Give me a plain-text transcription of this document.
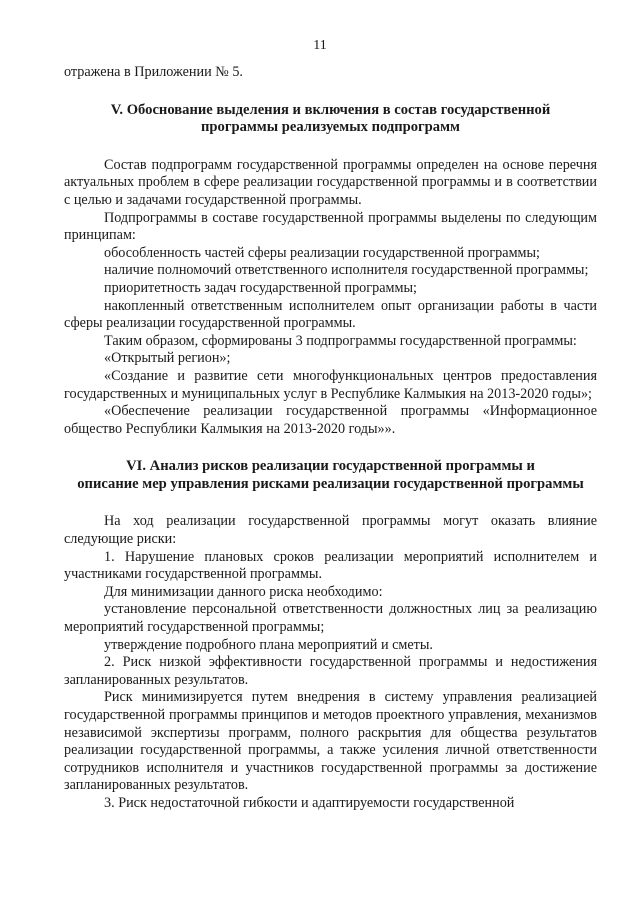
11

отражена в Приложении № 5.

V. Обоснование выделения и включения в состав государственной

программы реализуемых подпрограмм

Состав подпрограмм государственной программы определен на основе перечня актуальных проблем в сфере реализации государственной программы и в соответствии с целью и задачами государственной программы.

Подпрограммы в составе государственной программы выделены по следующим принципам:

обособленность частей сферы реализации государственной программы;

наличие полномочий ответственного исполнителя государственной программы;

приоритетность задач государственной программы;

накопленный ответственным исполнителем опыт организации работы в части сферы реализации государственной программы.

Таким образом, сформированы 3 подпрограммы государственной программы:

«Открытый регион»;

«Создание и развитие сети многофункциональных центров предоставления государственных и муниципальных услуг в Республике Калмыкия на 2013-2020 годы»;

«Обеспечение реализации государственной программы «Информационное общество Республики Калмыкия на 2013-2020 годы»».

VI. Анализ рисков реализации государственной программы и

описание мер управления рисками реализации государственной программы

На ход реализации государственной программы могут оказать влияние следующие риски:

1. Нарушение плановых сроков реализации мероприятий исполнителем и участниками государственной программы.

Для минимизации данного риска необходимо:

установление персональной ответственности должностных лиц за реализацию мероприятий государственной программы;

утверждение подробного плана мероприятий и сметы.

2. Риск низкой эффективности государственной программы и недостижения запланированных результатов.

Риск минимизируется путем внедрения в систему управления реализацией государственной программы принципов и методов проектного управления, механизмов независимой экспертизы программ, полного раскрытия для общества результатов реализации государственной программы, а также усиления личной ответственности сотрудников исполнителя и участников государственной программы за достижение запланированных результатов.

3. Риск недостаточной гибкости и адаптируемости государственной
